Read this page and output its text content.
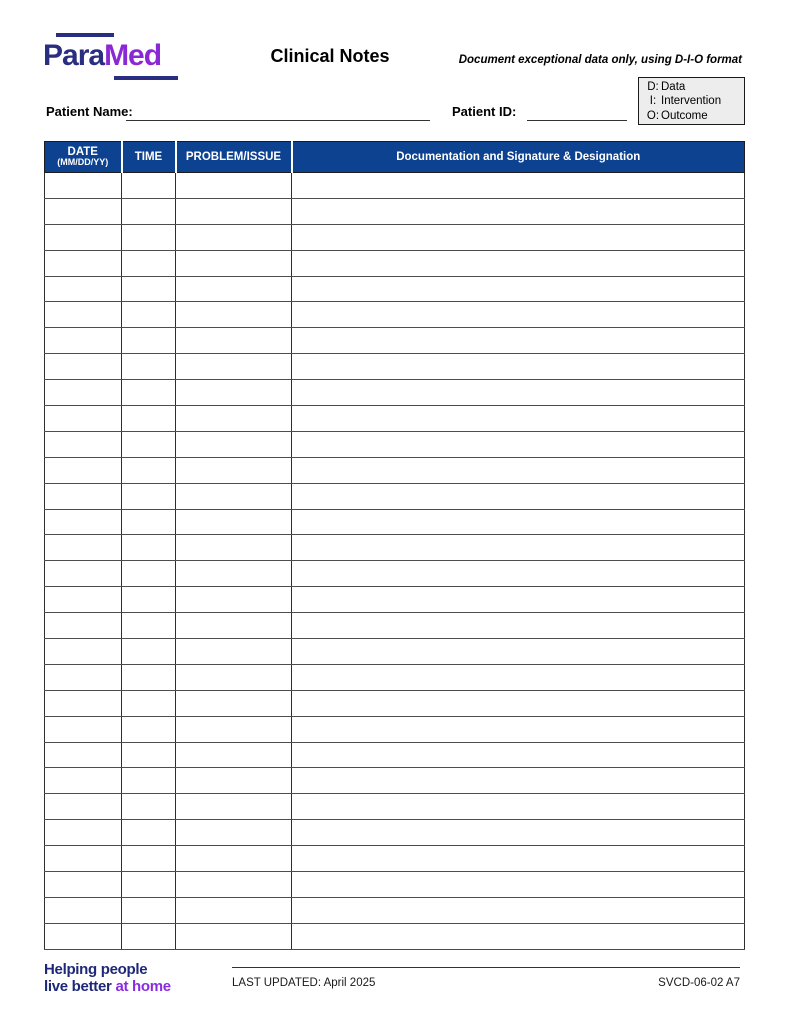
ParaMed	Clinical Notes	Document exceptional data only, using D-I-O format
D: Data
I: Intervention
O: Outcome
Patient Name:	Patient ID:
DATE
(MM/DD/YY)	TIME	PROBLEM/ISSUE	Documentation and Signature & Designation

Helping people
live better at home	LAST UPDATED: April 2025	SVCD-06-02 A7
